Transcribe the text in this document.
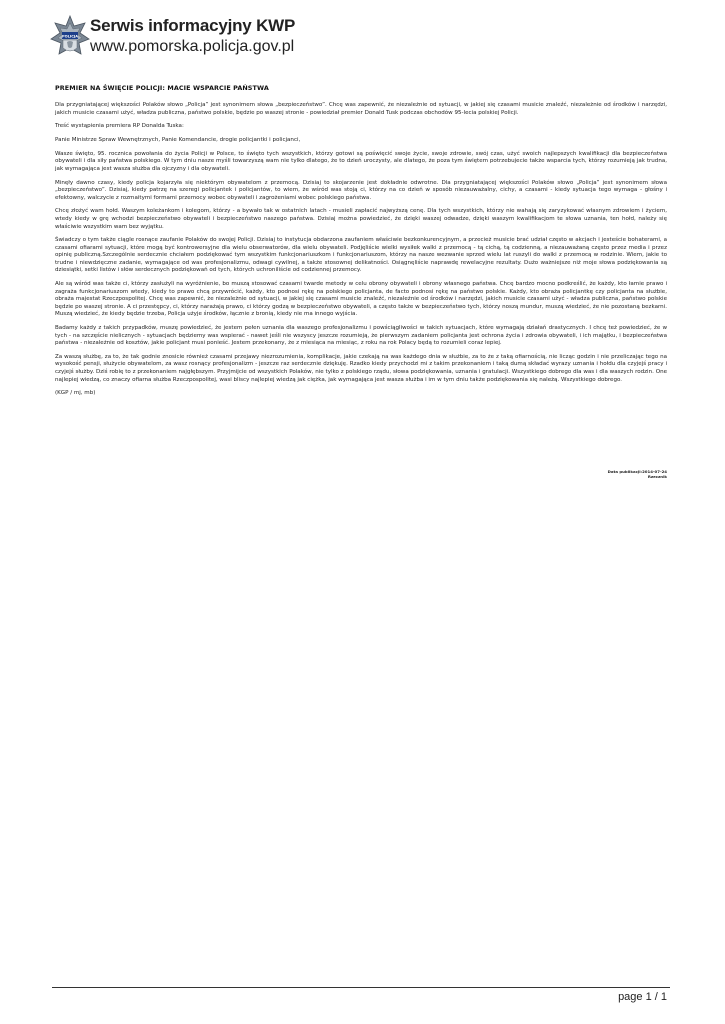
POLICJA
Serwis informacyjny KWP
www.pomorska.policja.gov.pl
PREMIER NA ŚWIĘCIE POLICJI: MACIE WSPARCIE PAŃSTWA

Dla przygniatającej większości Polaków słowo „Policja” jest synonimem słowa „bezpieczeństwo”. Chcę was zapewnić, że niezależnie od sytuacji, w jakiej się czasami musicie znaleźć, niezależnie od środków i narzędzi, jakich musicie czasami użyć, władza publiczna, państwo polskie, będzie po waszej stronie - powiedział premier Donald Tusk podczas obchodów 95-lecia polskiej Policji.

Treść wystąpienia premiera RP Donalda Tuska:

Panie Ministrze Spraw Wewnętrznych, Panie Komendancie, drogie policjantki i policjanci,

Wasze święto, 95. rocznica powołania do życia Policji w Polsce, to święto tych wszystkich, którzy gotowi są poświęcić swoje życie, swoje zdrowie, swój czas, użyć swoich najlepszych kwalifikacji dla bezpieczeństwa obywateli i dla siły państwa polskiego. W tym dniu nasze myśli towarzyszą wam nie tylko dlatego, że to dzień uroczysty, ale dlatego, że poza tym świętem potrzebujecie także wsparcia tych, którzy rozumieją jak trudna, jak wymagająca jest wasza służba dla ojczyzny i dla obywateli.

Minęły dawno czasy, kiedy policja kojarzyła się niektórym obywatelom z przemocą. Dzisiaj to skojarzenie jest dokładnie odwrotne. Dla przygniatającej większości Polaków słowo „Policja” jest synonimem słowa „bezpieczeństwo”. Dzisiaj, kiedy patrzę na szeregi policjantek i policjantów, to wiem, że wśród was stoją ci, którzy na co dzień w sposób niezauważalny, cichy, a czasami - kiedy sytuacja tego wymaga - głośny i efektowny, walczycie z rozmaitymi formami przemocy wobec obywateli i zagrożeniami wobec polskiego państwa.

Chcę złożyć wam hołd. Waszym koleżankom i kolegom, którzy - a bywało tak w ostatnich latach - musieli zapłacić najwyższą cenę. Dla tych wszystkich, którzy nie wahają się zaryzykować własnym zdrowiem i życiem, wtedy kiedy w grę wchodzi bezpieczeństwo obywateli i bezpieczeństwo naszego państwa. Dzisiaj można powiedzieć, że dzięki waszej odwadze, dzięki waszym kwalifikacjom te słowa uznania, ten hołd, należy się właściwie wszystkim wam bez wyjątku.

Świadczy o tym także ciągle rosnące zaufanie Polaków do swojej Policji. Dzisiaj to instytucja obdarzona zaufaniem właściwie bezkonkurencyjnym, a przecież musicie brać udział często w akcjach i jesteście bohaterami, a czasami ofiarami sytuacji, które mogą być kontrowersyjne dla wielu obserwatorów, dla wielu obywateli. Podjęliście wielki wysiłek walki z przemocą - tą cichą, tą codzienną, a niezauważaną często przez media i przez opinię publiczną.Szczególnie serdecznie chciałem podziękować tym wszystkim funkcjonariuszkom i funkcjonariuszom, którzy na nasze wezwanie sprzed wielu lat ruszyli do walki z przemocą w rodzinie. Wiem, jakie to trudne i niewdzięczne zadanie, wymagające od was profesjonalizmu, odwagi cywilnej, a także stosownej delikatności. Osiągnęliście naprawdę rewelacyjne rezultaty. Dużo ważniejsze niż moje słowa podziękowania są dziesiątki, setki listów i słów serdecznych podziękowań od tych, których uchroniliście od codziennej przemocy.

Ale są wśród was także ci, którzy zasłużyli na wyróżnienie, bo muszą stosować czasami twarde metody w celu obrony obywateli i obrony własnego państwa. Chcę bardzo mocno podkreślić, że każdy, kto łamie prawo i zagraża funkcjonariuszom wtedy, kiedy to prawo chcą przywrócić, każdy, kto podnosi rękę na polskiego policjanta, de facto podnosi rękę na państwo polskie. Każdy, kto obraża policjantkę czy policjanta na służbie, obraża majestat Rzeczpospolitej. Chcę was zapewnić, że niezależnie od sytuacji, w jakiej się czasami musicie znaleźć, niezależnie od środków i narzędzi, jakich musicie czasami użyć - władza publiczna, państwo polskie będzie po waszej stronie. A ci przestępcy, ci, którzy narażają prawo, ci którzy godzą w bezpieczeństwo obywateli, a często także w bezpieczeństwo tych, którzy noszą mundur, muszą wiedzieć, że nie pozostaną bezkarni. Muszą wiedzieć, że kiedy będzie trzeba, Policja użyje środków, łącznie z bronią, kiedy nie ma innego wyjścia.

Badamy każdy z takich przypadków, muszę powiedzieć, że jestem pełen uznania dla waszego profesjonalizmu i powściągliwości w takich sytuacjach, które wymagają działań drastycznych. I chcę też powiedzieć, że w tych - na szczęście nielicznych - sytuacjach będziemy was wspierać - nawet jeśli nie wszyscy jeszcze rozumieją, że pierwszym zadaniem policjanta jest ochrona życia i zdrowia obywateli, i ich majątku, i bezpieczeństwa państwa - niezależnie od kosztów, jakie policjant musi ponieść. Jestem przekonany, że z miesiąca na miesiąc, z roku na rok Polacy będą to rozumieli coraz lepiej.

Za waszą służbę, za to, że tak godnie znosicie również czasami przejawy niezrozumienia, komplikacje, jakie czekają na was każdego dnia w służbie, za to że z taką ofiarnością, nie licząc godzin i nie przeliczając tego na wysokość pensji, służycie obywatelom, za wasz rosnący profesjonalizm - jeszcze raz serdecznie dziękuję. Rzadko kiedy przychodzi mi z takim przekonaniem i taką dumą składać wyrazy uznania i hołdu dla czyjejś pracy i czyjejś służby. Dziś robię to z przekonaniem najgłębszym. Przyjmijcie od wszystkich Polaków, nie tylko z polskiego rządu, słowa podziękowania, uznania i gratulacji. Wszystkiego dobrego dla was i dla waszych rodzin. One najlepiej wiedzą, co znaczy ofiarna służba Rzeczpospolitej, wasi bliscy najlepiej wiedzą jak ciężka, jak wymagająca jest wasza służba i im w tym dniu także podziękowania się należą. Wszystkiego dobrego.

(KGP / mj, mb)

Data publikacji:2014-07-24
Rzecznik
page 1 / 1
